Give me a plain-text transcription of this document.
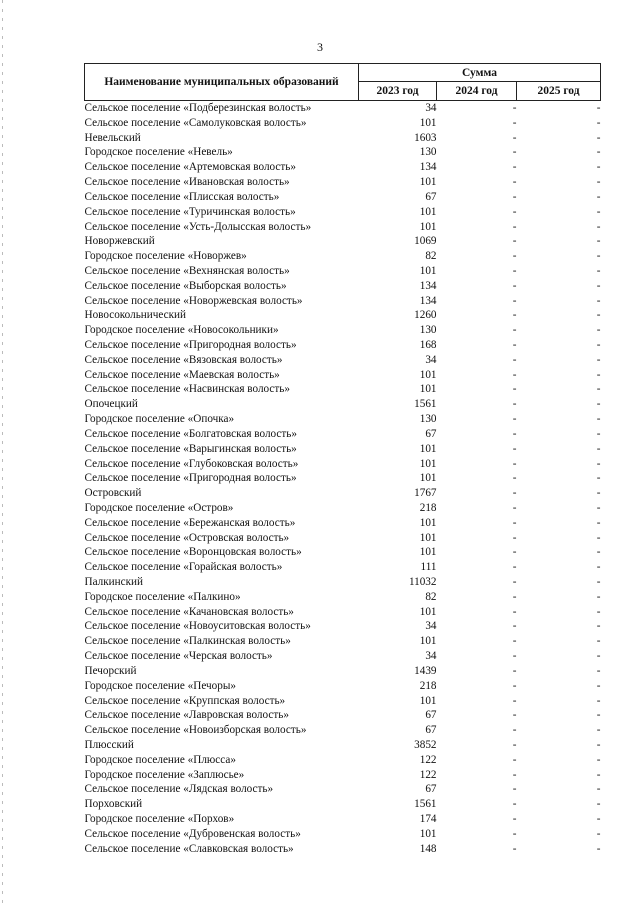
3
Наименование муниципальных образований	Сумма		
	2023 год	2024 год	2025 год
Сельское поселение «Подберезинская волость»	34	-	-
Сельское поселение «Самолуковская волость»	101	-	-
Невельский	1603	-	-
Городское поселение «Невель»	130	-	-
Сельское поселение «Артемовская волость»	134	-	-
Сельское поселение «Ивановская волость»	101	-	-
Сельское поселение «Плисская волость»	67	-	-
Сельское поселение «Туричинская волость»	101	-	-
Сельское поселение «Усть-Долысская волость»	101	-	-
Новоржевский	1069	-	-
Городское поселение «Новоржев»	82	-	-
Сельское поселение «Вехнянская волость»	101	-	-
Сельское поселение «Выборская волость»	134	-	-
Сельское поселение «Новоржевская волость»	134	-	-
Новосокольнический	1260	-	-
Городское поселение «Новосокольники»	130	-	-
Сельское поселение «Пригородная волость»	168	-	-
Сельское поселение «Вязовская волость»	34	-	-
Сельское поселение «Маевская волость»	101	-	-
Сельское поселение «Насвинская волость»	101	-	-
Опочецкий	1561	-	-
Городское поселение «Опочка»	130	-	-
Сельское поселение «Болгатовская волость»	67	-	-
Сельское поселение «Варыгинская волость»	101	-	-
Сельское поселение «Глубоковская волость»	101	-	-
Сельское поселение «Пригородная волость»	101	-	-
Островский	1767	-	-
Городское поселение «Остров»	218	-	-
Сельское поселение «Бережанская волость»	101	-	-
Сельское поселение «Островская волость»	101	-	-
Сельское поселение «Воронцовская волость»	101	-	-
Сельское поселение «Горайская волость»	111	-	-
Палкинский	11032	-	-
Городское поселение «Палкино»	82	-	-
Сельское поселение «Качановская волость»	101	-	-
Сельское поселение «Новоуситовская волость»	34	-	-
Сельское поселение «Палкинская волость»	101	-	-
Сельское поселение «Черская волость»	34	-	-
Печорский	1439	-	-
Городское поселение «Печоры»	218	-	-
Сельское поселение «Круппская волость»	101	-	-
Сельское поселение «Лавровская волость»	67	-	-
Сельское поселение «Новоизборская волость»	67	-	-
Плюсский	3852	-	-
Городское поселение «Плюсса»	122	-	-
Городское поселение «Заплюсье»	122	-	-
Сельское поселение «Лядская волость»	67	-	-
Порховский	1561	-	-
Городское поселение «Порхов»	174	-	-
Сельское поселение «Дубровенская волость»	101	-	-
Сельское поселение «Славковская волость»	148	-	-
